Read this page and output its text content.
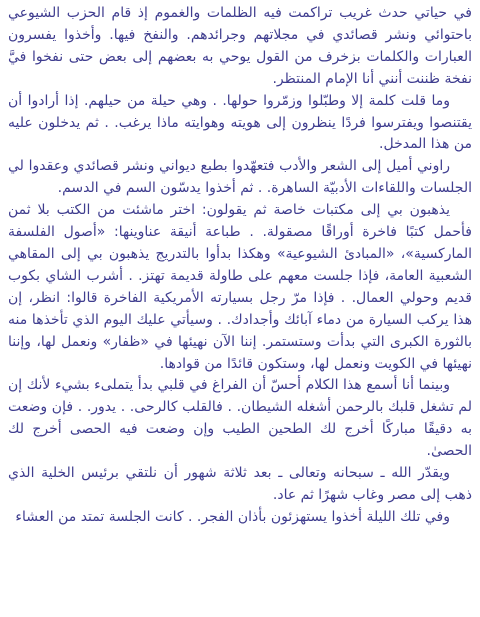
في حياتي حدث غريب تراكمت فيه الظلمات والغموم إذ قام الحزب الشيوعي باحتوائي ونشر قصائدي في مجلاتهم وجرائدهم. والنفخ فيها. وأخذوا يفسرون العبارات والكلمات بزخرف من القول يوحي به بعضهم إلى بعض حتى نفخوا فيَّ نفخة ظننت أنني أنا الإمام المنتظر.

وما قلت كلمة إلا وطبّلوا وزمّروا حولها. . وهي حيلة من حيلهم. إذا أرادوا أن يقتنصوا ويفترسوا فردًا ينظرون إلى هويته وهوايته ماذا يرغب. . ثم يدخلون عليه من هذا المدخل.

راوني أميل إلى الشعر والأدب فتعهّدوا بطبع ديواني ونشر قصائدي وعقدوا لي الجلسات واللقاءات الأدبيّة الساهرة. . ثم أخذوا يدسّون السم في الدسم.

يذهبون بي إلى مكتبات خاصة ثم يقولون: اختر ماشئت من الكتب بلا ثمن فأحمل كتبًا فاخرة أوراقًا مصقولة. . طباعة أنيقة عناوينها: «أصول الفلسفة الماركسية»، «المبادئ الشيوعية» وهكذا بدأوا بالتدريج يذهبون بي إلى المقاهي الشعبية العامة، فإذا جلست معهم على طاولة قديمة تهتز. . أشرب الشاي بكوب قديم وحولي العمال. . فإذا مرّ رجل بسيارته الأمريكية الفاخرة قالوا: انظر، إن هذا يركب السيارة من دماء آبائك وأجدادك. . وسيأتي عليك اليوم الذي تأخذها منه بالثورة الكبرى التي بدأت وستستمر. إننا الآن نهيئها في «ظفار» ونعمل لها، وإننا نهيئها في الكويت ونعمل لها، وستكون قائدًا من قوادها.

وبينما أنا أسمع هذا الكلام أحسّ أن الفراغ في قلبي بدأ يتملىء بشيء لأنك إن لم تشغل قلبك بالرحمن أشغله الشيطان. . فالقلب كالرحى. . يدور. . فإن وضعت به دقيقًا مباركًا أخرج لك الطحين الطيب وإن وضعت فيه الحصى أخرج لك الحصىٰ.

ويقدّر الله ـ سبحانه وتعالى ـ بعد ثلاثة شهور أن نلتقي برئيس الخلية الذي ذهب إلى مصر وغاب شهرًا ثم عاد.

وفي تلك الليلة أخذوا يستهزئون بأذان الفجر. . كانت الجلسة تمتد من العشاء
